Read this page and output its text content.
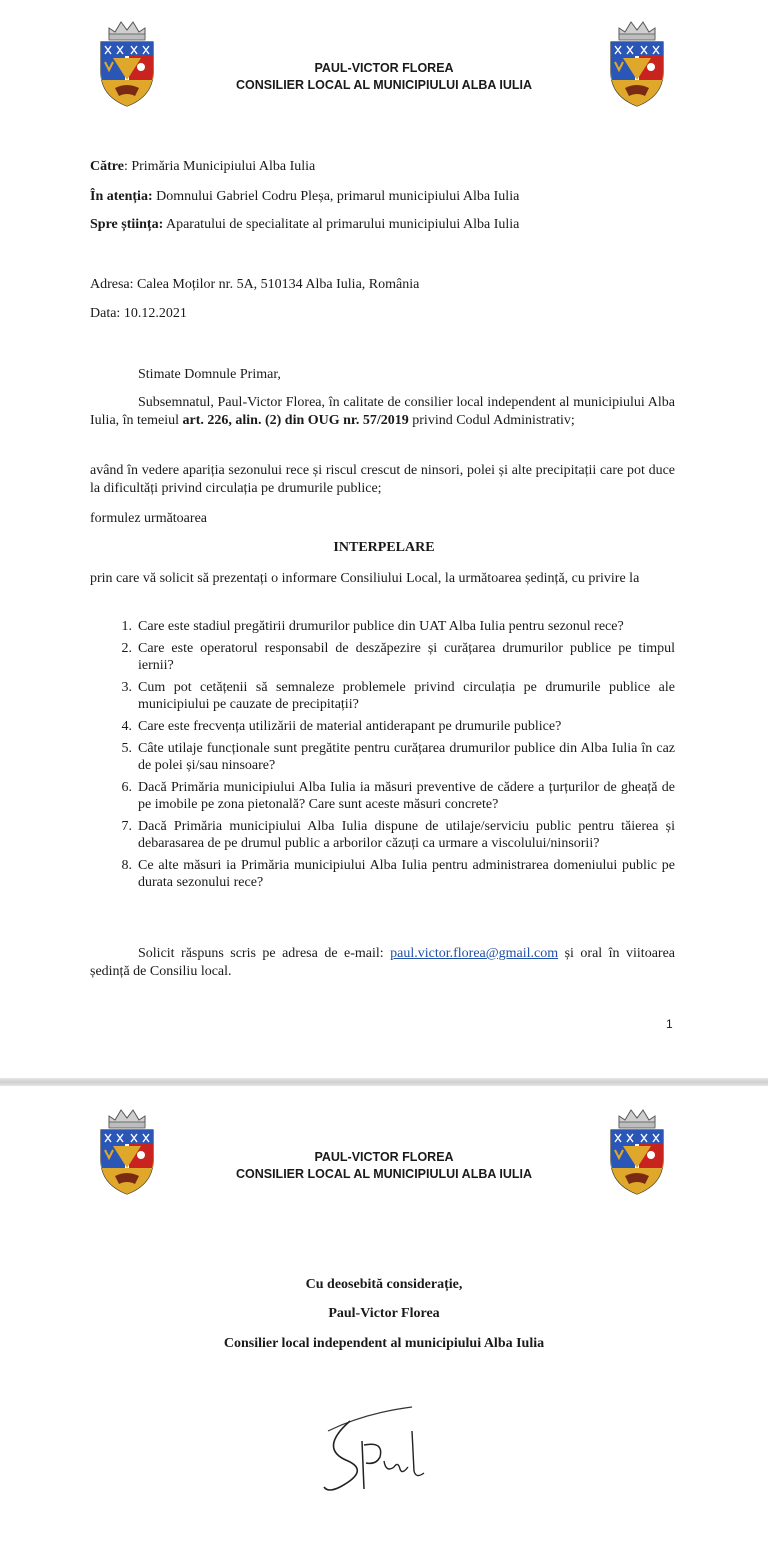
PAUL-VICTOR FLOREA
CONSILIER LOCAL AL MUNICIPIULUI ALBA IULIA
Către: Primăria Municipiului Alba Iulia
În atenția: Domnului Gabriel Codru Pleșa, primarul municipiului Alba Iulia
Spre știința: Aparatului de specialitate al primarului municipiului Alba Iulia
Adresa: Calea Moților nr. 5A, 510134 Alba Iulia, România
Data: 10.12.2021
Stimate Domnule Primar,
Subsemnatul, Paul-Victor Florea, în calitate de consilier local independent al municipiului Alba Iulia, în temeiul art. 226, alin. (2) din OUG nr. 57/2019 privind Codul Administrativ;
având în vedere apariția sezonului rece și riscul crescut de ninsori, polei și alte precipitații care pot duce la dificultăți privind circulația pe drumurile publice;
formulez următoarea
INTERPELARE
prin care vă solicit să prezentați o informare Consiliului Local, la următoarea ședință, cu privire la
1. Care este stadiul pregătirii drumurilor publice din UAT Alba Iulia pentru sezonul rece?
2. Care este operatorul responsabil de deszăpezire și curățarea drumurilor publice pe timpul iernii?
3. Cum pot cetățenii să semnaleze problemele privind circulația pe drumurile publice ale municipiului pe cauzate de precipitații?
4. Care este frecvența utilizării de material antiderapant pe drumurile publice?
5. Câte utilaje funcționale sunt pregătite pentru curățarea drumurilor publice din Alba Iulia în caz de polei și/sau ninsoare?
6. Dacă Primăria municipiului Alba Iulia ia măsuri preventive de cădere a țurțurilor de gheață de pe imobile pe zona pietonală? Care sunt aceste măsuri concrete?
7. Dacă Primăria municipiului Alba Iulia dispune de utilaje/serviciu public pentru tăierea și debarasarea de pe drumul public a arborilor căzuți ca urmare a viscolului/ninsorii?
8. Ce alte măsuri ia Primăria municipiului Alba Iulia pentru administrarea domeniului public pe durata sezonului rece?
Solicit răspuns scris pe adresa de e-mail: paul.victor.florea@gmail.com și oral în viitoarea ședință de Consiliu local.
1
PAUL-VICTOR FLOREA
CONSILIER LOCAL AL MUNICIPIULUI ALBA IULIA
Cu deosebită considerație,
Paul-Victor Florea
Consilier local independent al municipiului Alba Iulia
